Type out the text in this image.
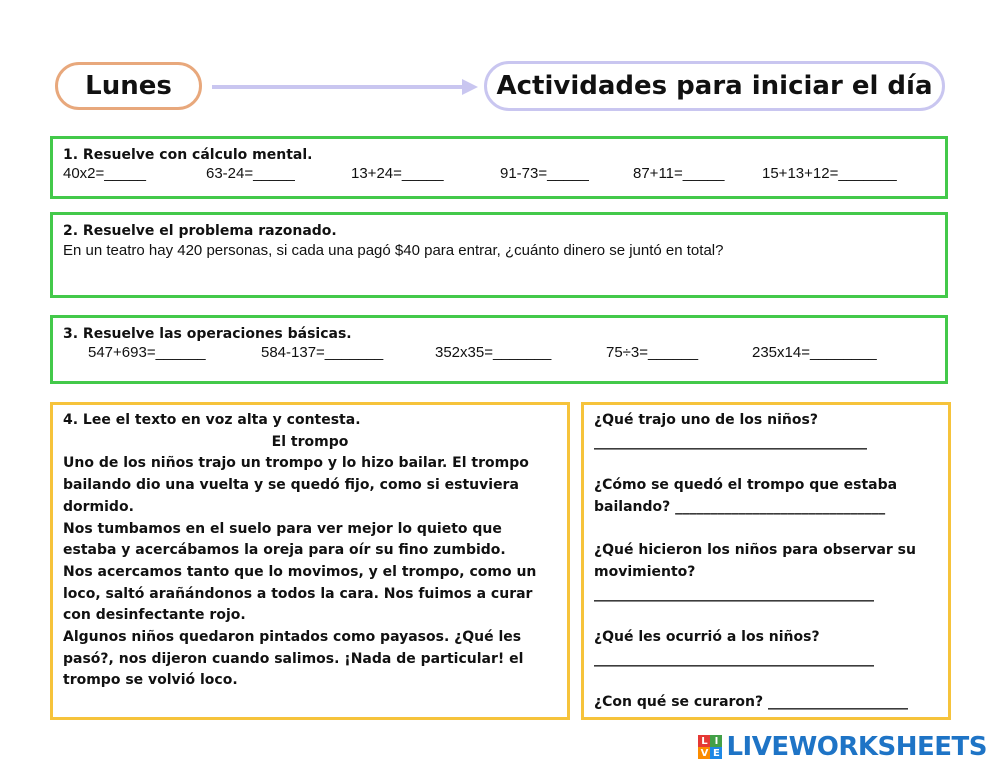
Lunes	Actividades para iniciar el día
1. Resuelve con cálculo mental.
40x2=_____	63-24=_____	13+24=_____	91-73=_____	87+11=_____	15+13+12=_______
2. Resuelve el problema razonado.
En un teatro hay 420 personas, si cada una pagó $40 para entrar, ¿cuánto dinero se juntó en total?
3. Resuelve las operaciones básicas.
547+693=______	584-137=_______	352x35=_______	75÷3=______	235x14=________

4. Lee el texto en voz alta y contesta.

El trompo

Uno de los niños trajo un trompo y lo hizo bailar. El trompo bailando dio una vuelta y se quedó fijo, como si estuviera dormido.

Nos tumbamos en el suelo para ver mejor lo quieto que estaba y acercábamos la oreja para oír su fino zumbido.

Nos acercamos tanto que lo movimos, y el trompo, como un loco, saltó arañándonos a todos la cara. Nos fuimos a curar con desinfectante rojo.

Algunos niños quedaron pintados como payasos. ¿Qué les pasó?, nos dijeron cuando salimos. ¡Nada de particular! el trompo se volvió loco.

¿Qué trajo uno de los niños?
_______________________________________
¿Cómo se quedó el trompo que estaba
bailando? ______________________________
¿Qué hicieron los niños para observar su
movimiento?
________________________________________
¿Qué les ocurrió a los niños?
________________________________________
¿Con qué se curaron? ____________________
L I
V E LIVEWORKSHEETS
